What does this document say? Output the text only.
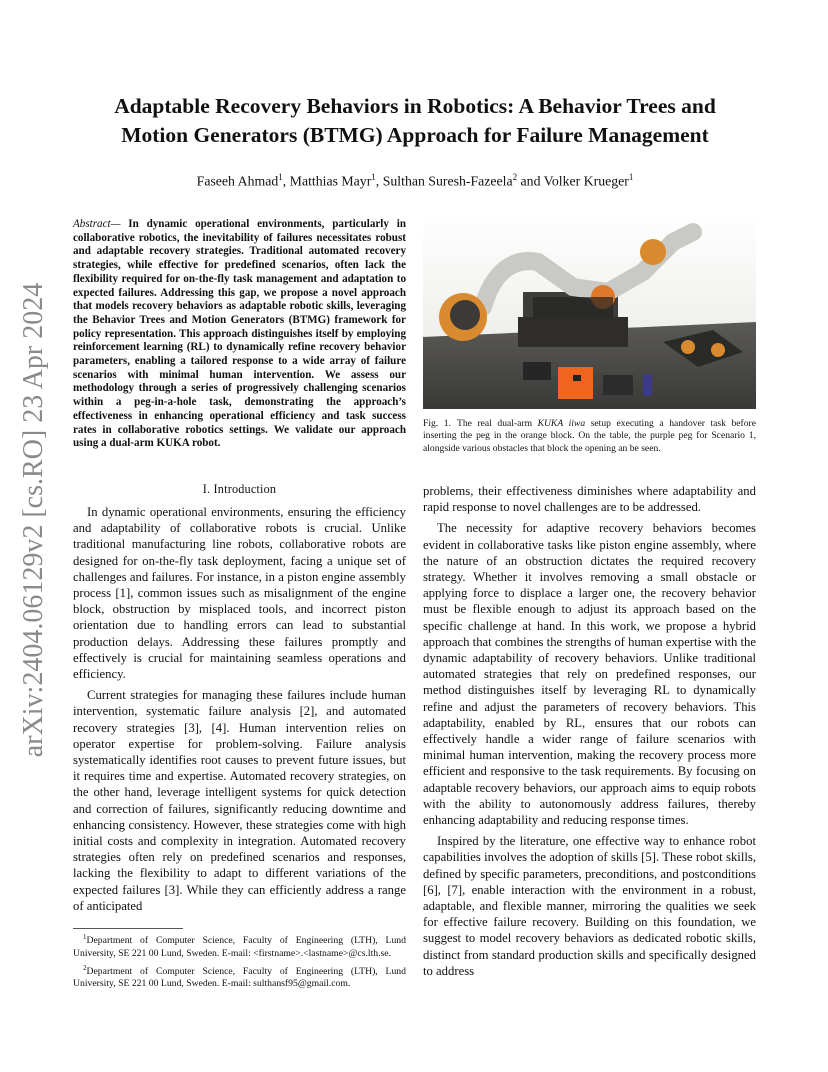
arXiv:2404.06129v2 [cs.RO] 23 Apr 2024
Adaptable Recovery Behaviors in Robotics: A Behavior Trees and Motion Generators (BTMG) Approach for Failure Management
Faseeh Ahmad$^1$, Matthias Mayr$^1$, Sulthan Suresh-Fazeela$^2$ and Volker Krueger$^1$
Abstract— In dynamic operational environments, particularly in collaborative robotics, the inevitability of failures necessitates robust and adaptable recovery strategies. Traditional automated recovery strategies, while effective for predefined scenarios, often lack the flexibility required for on-the-fly task management and adaptation to expected failures. Addressing this gap, we propose a novel approach that models recovery behaviors as adaptable robotic skills, leveraging the Behavior Trees and Motion Generators (BTMG) framework for policy representation. This approach distinguishes itself by employing reinforcement learning (RL) to dynamically refine recovery behavior parameters, enabling a tailored response to a wide array of failure scenarios with minimal human intervention. We assess our methodology through a series of progressively challenging scenarios within a peg-in-a-hole task, demonstrating the approach’s effectiveness in enhancing operational efficiency and task success rates in collaborative robotics settings. We validate our approach using a dual-arm KUKA robot.
I. Introduction

In dynamic operational environments, ensuring the efficiency and adaptability of collaborative robots is crucial. Unlike traditional manufacturing line robots, collaborative robots are designed for on-the-fly task deployment, facing a unique set of challenges and failures. For instance, in a piston engine assembly process [1], common issues such as misalignment of the engine block, obstruction by misplaced tools, and incorrect piston orientation due to handling errors can lead to substantial production delays. Addressing these failures promptly and effectively is crucial for maintaining seamless operations and efficiency.

Current strategies for managing these failures include human intervention, systematic failure analysis [2], and automated recovery strategies [3], [4]. Human intervention relies on operator expertise for problem-solving. Failure analysis systematically identifies root causes to prevent future issues, but it requires time and expertise. Automated recovery strategies, on the other hand, leverage intelligent systems for quick detection and correction of failures, significantly reducing downtime and enhancing consistency. However, these strategies come with high initial costs and complexity in integration. Automated recovery strategies often rely on predefined scenarios and responses, lacking the flexibility to adapt to different variations of the expected failures [3]. While they can efficiently address a range of anticipated

$^1$Department of Computer Science, Faculty of Engineering (LTH), Lund University, SE 221 00 Lund, Sweden. E-mail: <firstname>.<lastname>@cs.lth.se.
$^2$Department of Computer Science, Faculty of Engineering (LTH), Lund University, SE 221 00 Lund, Sweden. E-mail: sulthansf95@gmail.com.
Fig. 1. The real dual-arm KUKA iiwa setup executing a handover task before inserting the peg in the orange block. On the table, the purple peg for Scenario 1, alongside various obstacles that block the opening an be seen.

problems, their effectiveness diminishes where adaptability and rapid response to novel challenges are to be addressed.

The necessity for adaptive recovery behaviors becomes evident in collaborative tasks like piston engine assembly, where the nature of an obstruction dictates the required recovery strategy. Whether it involves removing a small obstacle or applying force to displace a larger one, the recovery behavior must be flexible enough to adjust its approach based on the specific challenge at hand. In this work, we propose a hybrid approach that combines the strengths of human expertise with the dynamic adaptability of recovery behaviors. Unlike traditional automated strategies that rely on predefined responses, our method distinguishes itself by leveraging RL to dynamically refine and adjust the parameters of recovery behaviors. This adaptability, enabled by RL, ensures that our robots can effectively handle a wider range of failure scenarios with minimal human intervention, making the recovery process more efficient and responsive to the task requirements. By focusing on adaptable recovery behaviors, our approach aims to equip robots with the ability to autonomously address failures, thereby enhancing adaptability and reducing response times.

Inspired by the literature, one effective way to enhance robot capabilities involves the adoption of skills [5]. These robot skills, defined by specific parameters, preconditions, and postconditions [6], [7], enable interaction with the environment in a robust, adaptable, and flexible manner, mirroring the qualities we seek for effective failure recovery. Building on this foundation, we suggest to model recovery behaviors as dedicated robotic skills, distinct from standard production skills and specifically designed to address
